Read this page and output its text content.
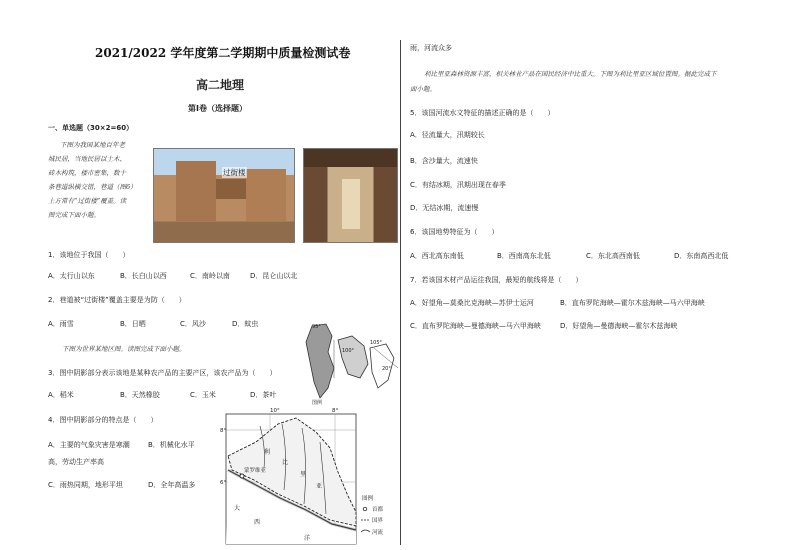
2021/2022 学年度第二学期期中质量检测试卷
高二地理
第Ⅰ卷（选择题）
一、单选题（30×2=60）
下图为我国某地百年老
城民居，当地民居以土木、
砖木构筑，楼市密集，数十
条巷道纵横交错，巷道（图6）
上方常有“过街楼”覆盖。读
图完成下面小题。
过街楼
1．该地位于我国（　　）
A．太行山以东	B．长白山以西	C．南岭以南	D．昆仑山以北
2．巷道被“过街楼”覆盖主要是为防（　　）
A．雨雪	B．日晒	C．风沙	D．蚊虫
下图为世界某地区图。读图完成下面小题。
3．图中阴影部分表示该地是某种农产品的主要产区，该农产品为（　　）
A．稻米	B．天然橡胶	C．玉米	D．茶叶
4．图中阴影部分的特点是（　　）
A．主要的气象灾害是寒潮	B．机械化水平
高，劳动生产率高
C．雨热同期，地形平坦	D．全年高温多
95°
100°
105°
20°
图例
蒙罗维亚
10°	8°
8°
6°
利
比
里
亚
大
西
洋
图例
首都
国界
河流
雨，河流众多
利比里亚森林资源丰富，相关林业产品在国民经济中比重大。下图为利比里亚区域位置图。据此完成下
面小题。
5．该国河流水文特征的描述正确的是（　　）
A．径流量大，汛期较长
B．含沙量大，流速快
C．有结冰期，汛期出现在春季
D．无结冰期，流速慢
6．该国地势特征为（　　）
A．西北高东南低	B．西南高东北低	C．东北高西南低	D．东南高西北低
7．若该国木材产品运往我国，最短的航线将是（　　）
A．好望角—莫桑比克海峡—苏伊士运河	B．直布罗陀海峡—霍尔木兹海峡—马六甲海峡
C．直布罗陀海峡—曼德海峡—马六甲海峡	D．好望角—曼德海峡—霍尔木兹海峡
